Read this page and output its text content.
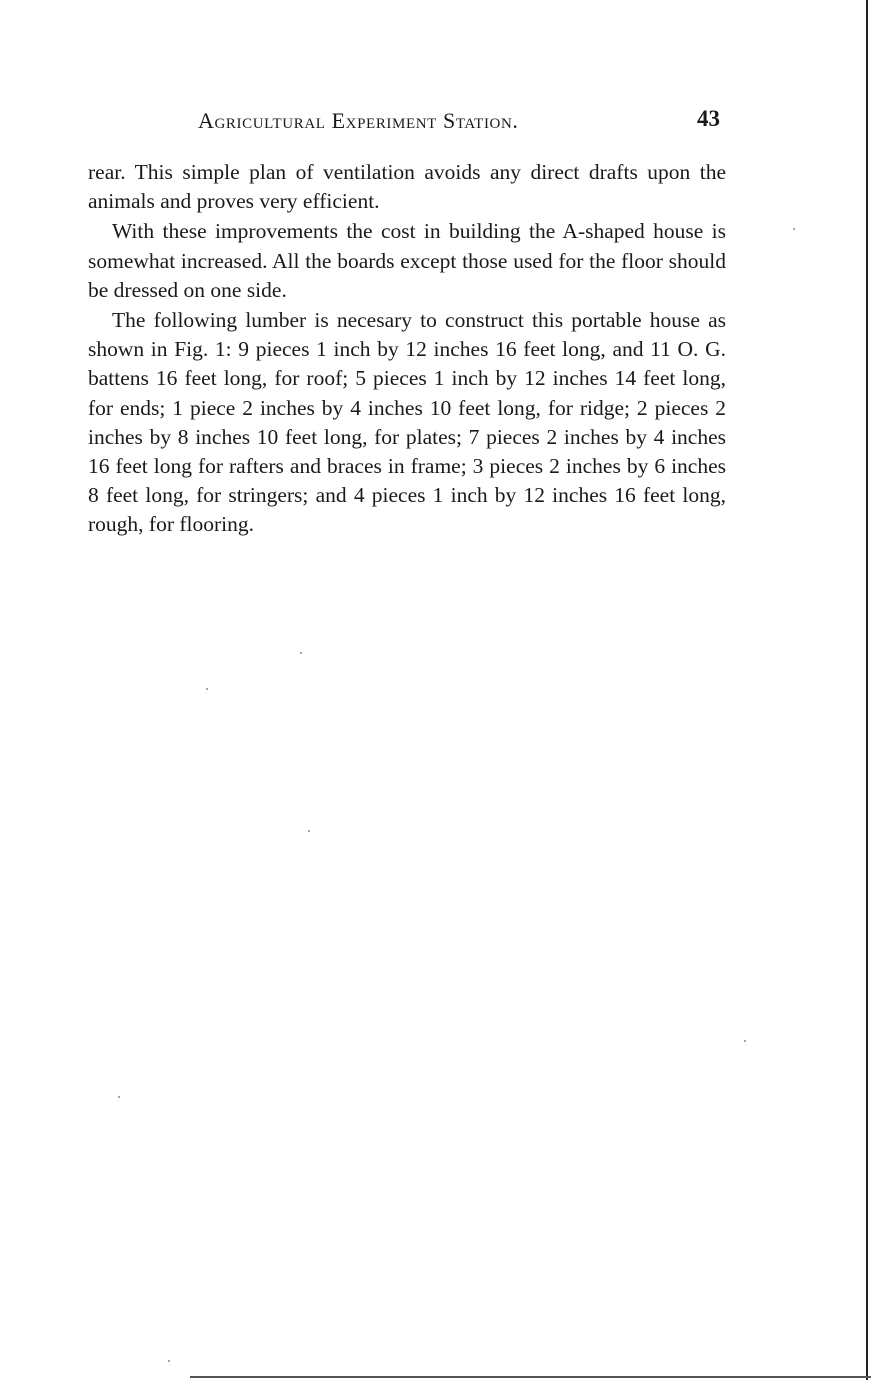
Agricultural Experiment Station.	43

rear. This simple plan of ventilation avoids any direct drafts upon the animals and proves very efficient.

With these improvements the cost in building the A-shaped house is somewhat increased. All the boards except those used for the floor should be dressed on one side.

The following lumber is necesary to construct this portable house as shown in Fig. 1: 9 pieces 1 inch by 12 inches 16 feet long, and 11 O. G. battens 16 feet long, for roof; 5 pieces 1 inch by 12 inches 14 feet long, for ends; 1 piece 2 inches by 4 inches 10 feet long, for ridge; 2 pieces 2 inches by 8 inches 10 feet long, for plates; 7 pieces 2 inches by 4 inches 16 feet long for rafters and braces in frame; 3 pieces 2 inches by 6 inches 8 feet long, for stringers; and 4 pieces 1 inch by 12 inches 16 feet long, rough, for flooring.
